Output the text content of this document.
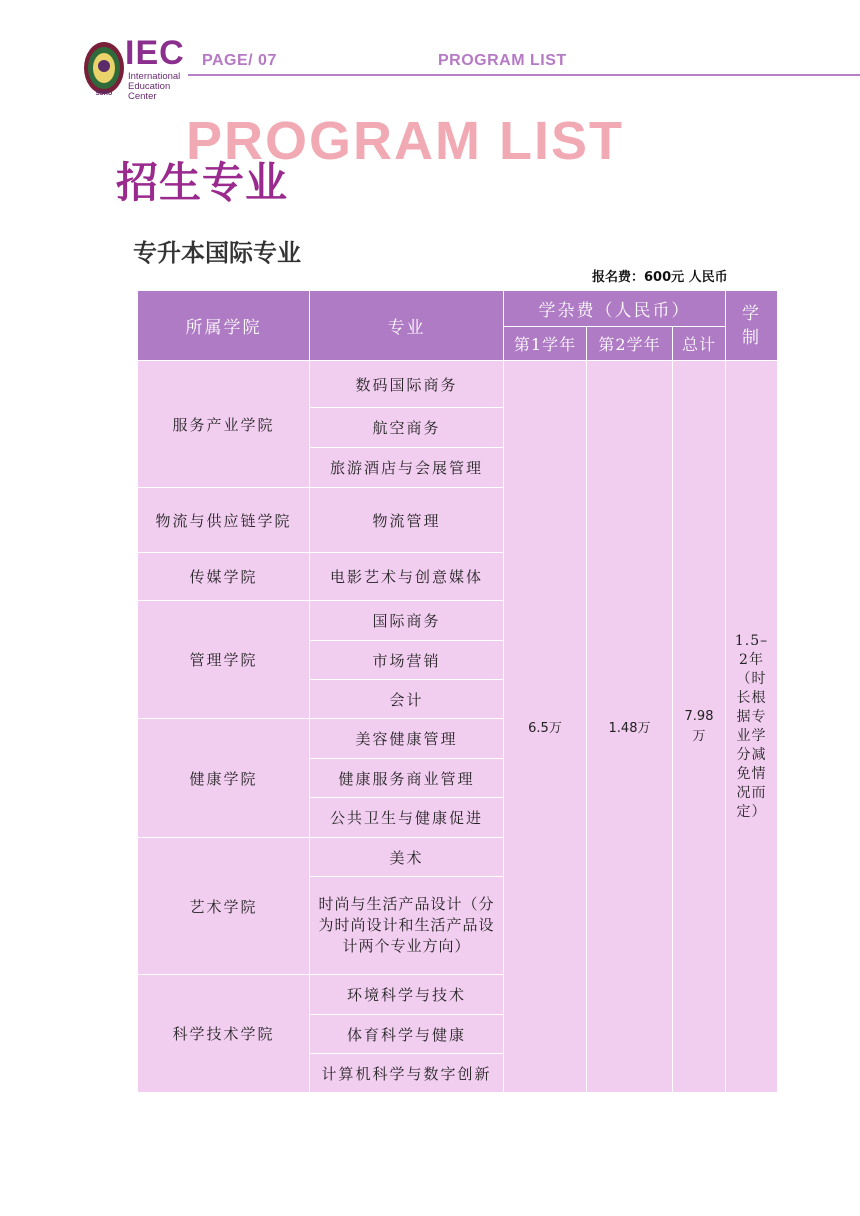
SSRU
IEC
International
Education
Center
PAGE/ 07	PROGRAM LIST
PROGRAM LIST
招生专业
专升本国际专业
报名费：600元 人民币
所属学院	专业	学杂费（人民币）			学制
		第1学年	第2学年	总计	
服务产业学院	数码国际商务	6.5万	1.48万	7.98万	1.5–2年（时长根据专业学分减免情况而定）
	航空商务				
	旅游酒店与会展管理				
物流与供应链学院	物流管理				
传媒学院	电影艺术与创意媒体				
管理学院	国际商务				
	市场营销				
	会计				
健康学院	美容健康管理				
	健康服务商业管理				
	公共卫生与健康促进				
艺术学院	美术				
	时尚与生活产品设计（分为时尚设计和生活产品设计两个专业方向）				
科学技术学院	环境科学与技术				
	体育科学与健康				
	计算机科学与数字创新				
